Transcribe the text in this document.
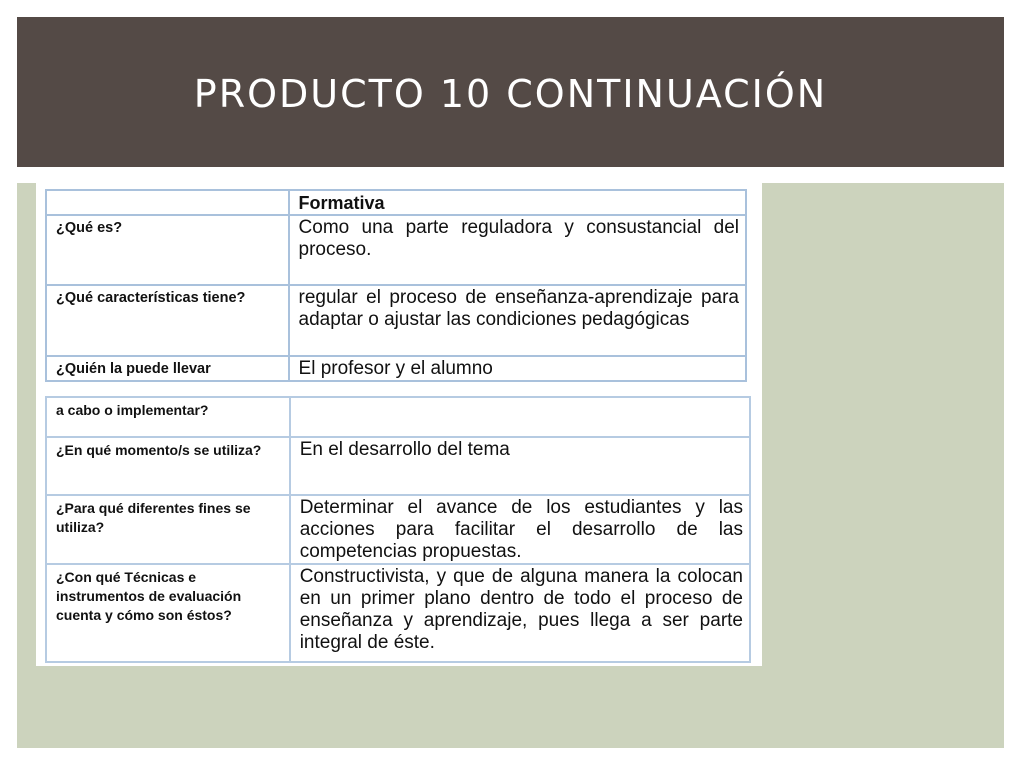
PRODUCTO 10 CONTINUACIÓN
	Formativa
¿Qué es?	Como una parte reguladora y consustancial del proceso.
¿Qué características tiene?	regular el proceso de enseñanza-aprendizaje para adaptar o ajustar las condiciones pedagógicas
¿Quién la puede llevar	El profesor y el alumno
a cabo o implementar?	
¿En qué momento/s se utiliza?	En el desarrollo del tema
¿Para qué diferentes fines se utiliza?	Determinar el avance de los estudiantes y las acciones para facilitar el desarrollo de las competencias propuestas.
¿Con qué Técnicas e instrumentos de evaluación cuenta y cómo son éstos?	Constructivista, y que de alguna manera la colocan en un primer plano dentro de todo el proceso de enseñanza y aprendizaje, pues llega a ser parte integral de éste.
